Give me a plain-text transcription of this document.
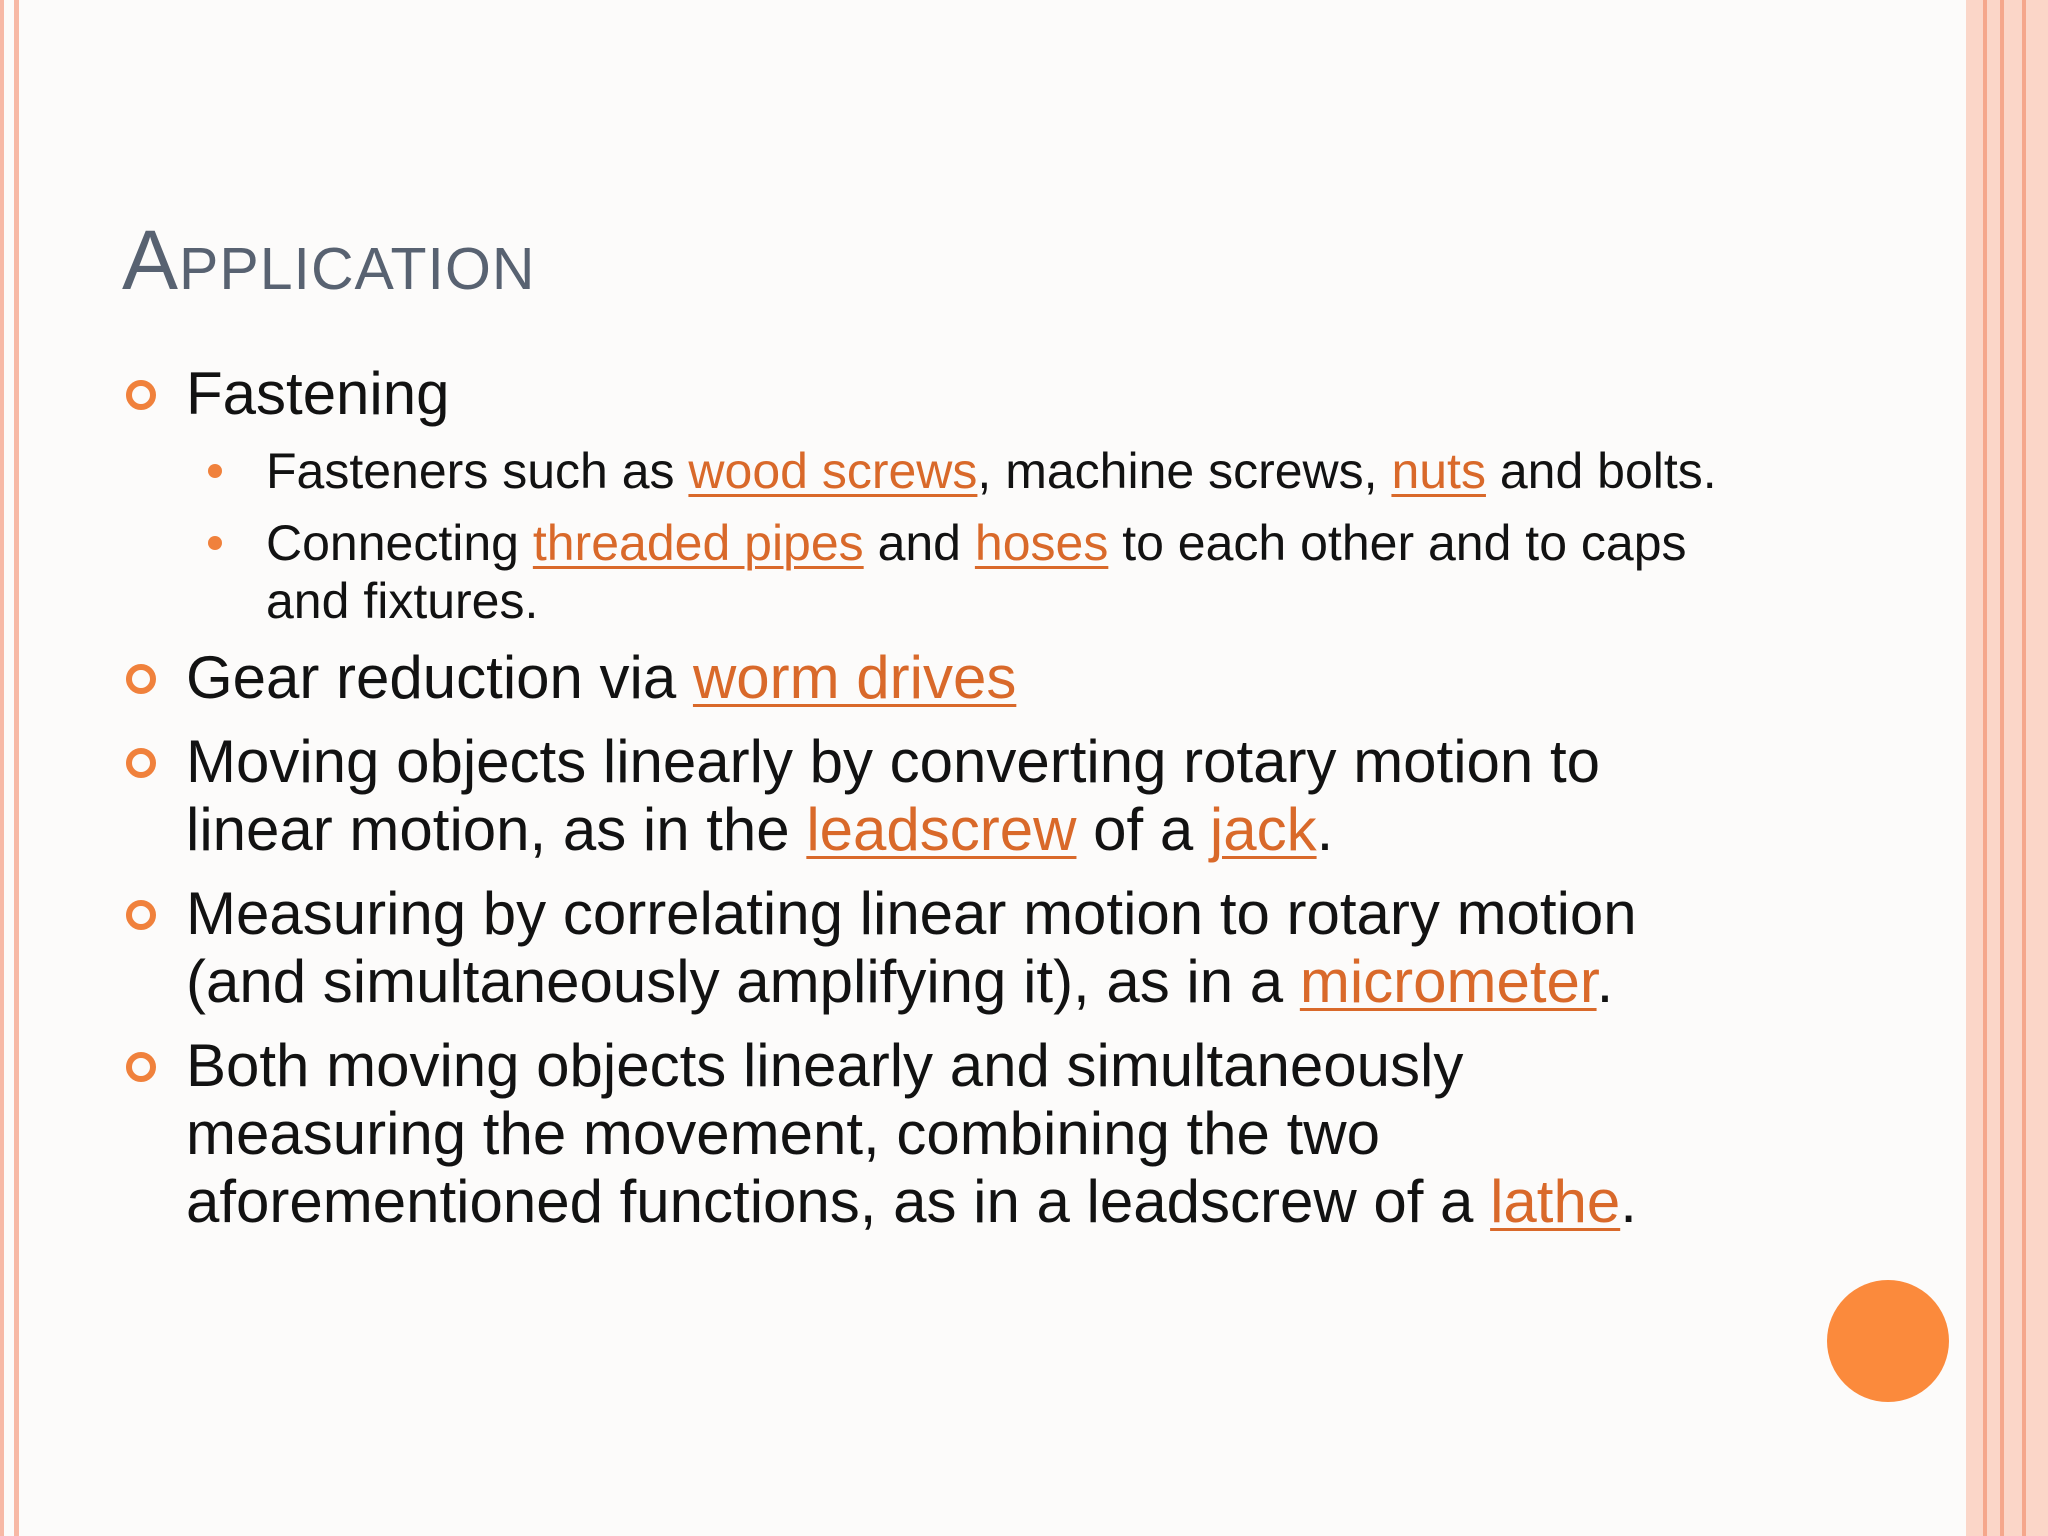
Application
Fastening
Fasteners such as wood screws, machine screws, nuts and bolts.
Connecting threaded pipes and hoses to each other and to caps and fixtures.
Gear reduction via worm drives
Moving objects linearly by converting rotary motion to linear motion, as in the leadscrew of a jack.
Measuring by correlating linear motion to rotary motion (and simultaneously amplifying it), as in a micrometer.
Both moving objects linearly and simultaneously measuring the movement, combining the two aforementioned functions, as in a leadscrew of a lathe.
